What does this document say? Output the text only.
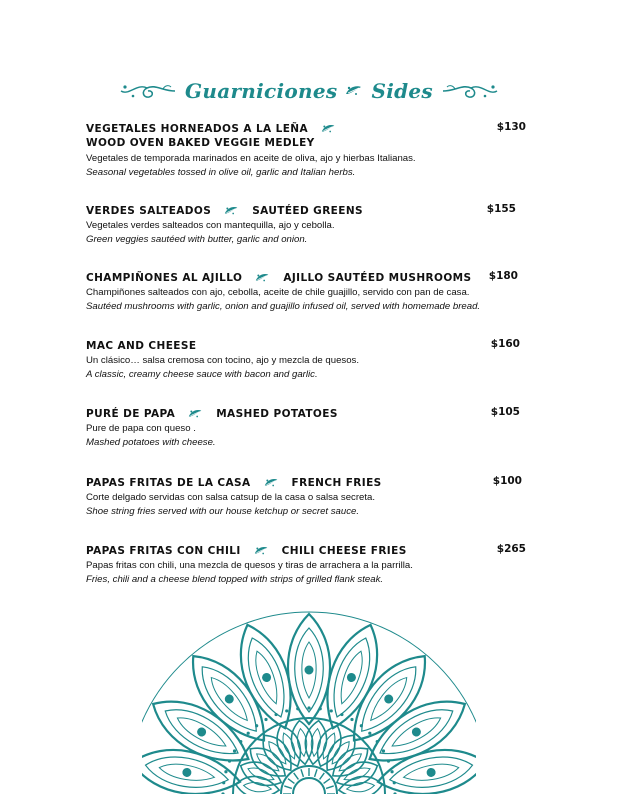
Guarniciones Sides
VEGETALES HORNEADOS A LA LEÑA	$130
WOOD OVEN BAKED VEGGIE MEDLEY
Vegetales de temporada marinados en aceite de oliva, ajo y hierbas Italianas.
Seasonal vegetables tossed in olive oil, garlic and Italian herbs.
VERDES SALTEADOS	SAUTÉED GREENS	$155
Vegetales verdes salteados con mantequilla, ajo y cebolla.
Green veggies sautéed with butter, garlic and onion.
CHAMPIÑONES AL AJILLO	AJILLO SAUTÉED MUSHROOMS $180
Champiñones salteados con ajo, cebolla, aceite de chile guajillo, servido con pan de casa.
Sautéed mushrooms with garlic, onion and guajillo infused oil, served with homemade bread.
MAC AND CHEESE	$160
Un clásico… salsa cremosa con tocino, ajo y mezcla de quesos.
A classic, creamy cheese sauce with bacon and garlic.
PURÉ DE PAPA	MASHED POTATOES	$105
Pure de papa con queso .
Mashed potatoes with cheese.
PAPAS FRITAS DE LA CASA	FRENCH FRIES	$100
Corte delgado servidas con salsa catsup de la casa o salsa secreta.
Shoe string fries served with our house ketchup or secret sauce.
PAPAS FRITAS CON CHILI	CHILI CHEESE FRIES	$265
Papas fritas con chili, una mezcla de quesos y tiras de arrachera a la parrilla.
Fries, chili and a cheese blend topped with strips of grilled flank steak.
